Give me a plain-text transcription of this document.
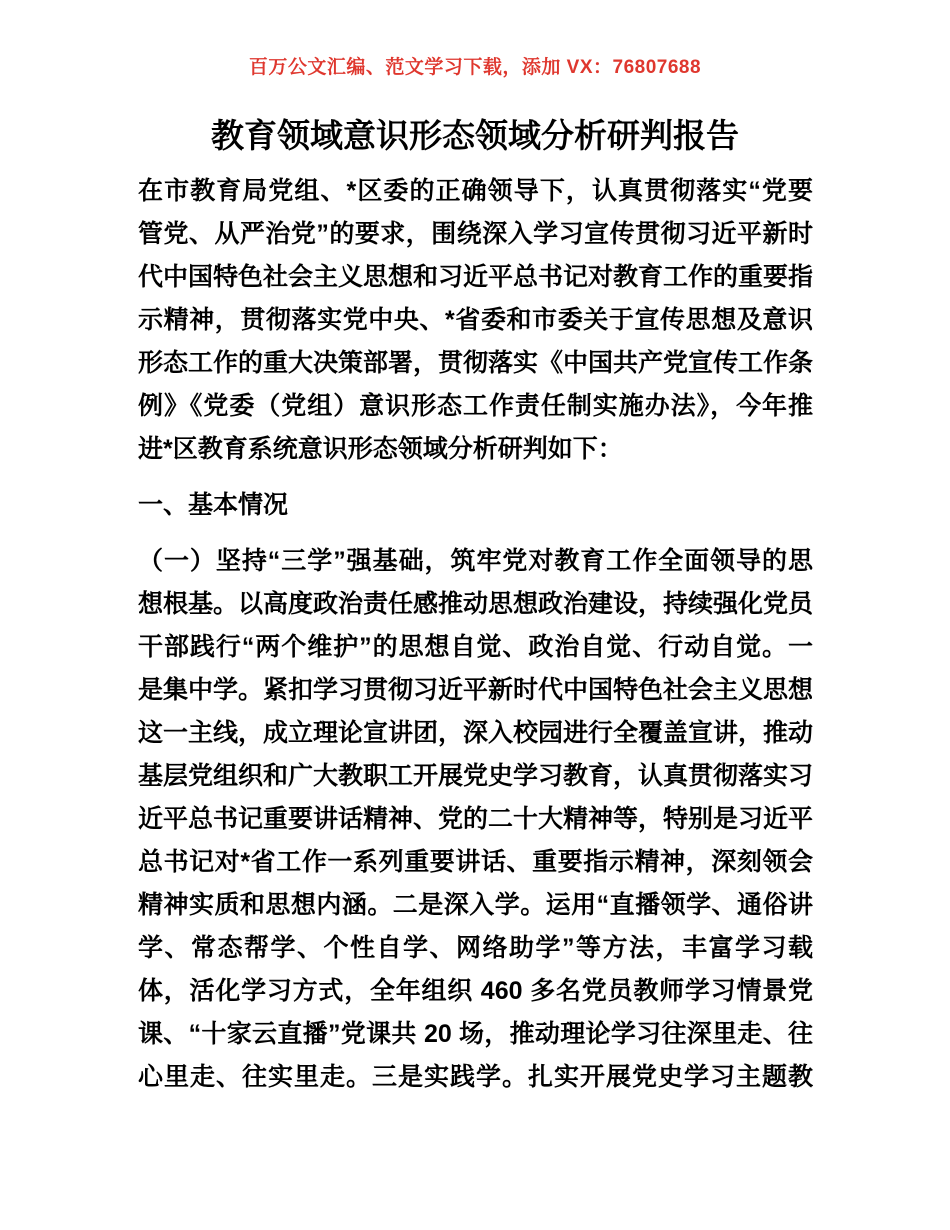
百万公文汇编、范文学习下载，添加 VX：76807688
教育领域意识形态领域分析研判报告
在市教育局党组、*区委的正确领导下，认真贯彻落实“党要
管党、从严治党”的要求，围绕深入学习宣传贯彻习近平新时
代中国特色社会主义思想和习近平总书记对教育工作的重要指
示精神，贯彻落实党中央、*省委和市委关于宣传思想及意识
形态工作的重大决策部署，贯彻落实《中国共产党宣传工作条
例》《党委（党组）意识形态工作责任制实施办法》，今年推
进*区教育系统意识形态领域分析研判如下：
一、基本情况
（一）坚持“三学”强基础，筑牢党对教育工作全面领导的思
想根基。以高度政治责任感推动思想政治建设，持续强化党员
干部践行“两个维护”的思想自觉、政治自觉、行动自觉。一
是集中学。紧扣学习贯彻习近平新时代中国特色社会主义思想
这一主线，成立理论宣讲团，深入校园进行全覆盖宣讲，推动
基层党组织和广大教职工开展党史学习教育，认真贯彻落实习
近平总书记重要讲话精神、党的二十大精神等，特别是习近平
总书记对*省工作一系列重要讲话、重要指示精神，深刻领会
精神实质和思想内涵。二是深入学。运用“直播领学、通俗讲
学、常态帮学、个性自学、网络助学”等方法，丰富学习载
体，活化学习方式，全年组织 460 多名党员教师学习情景党
课、“十家云直播”党课共 20 场，推动理论学习往深里走、往
心里走、往实里走。三是实践学。扎实开展党史学习主题教
